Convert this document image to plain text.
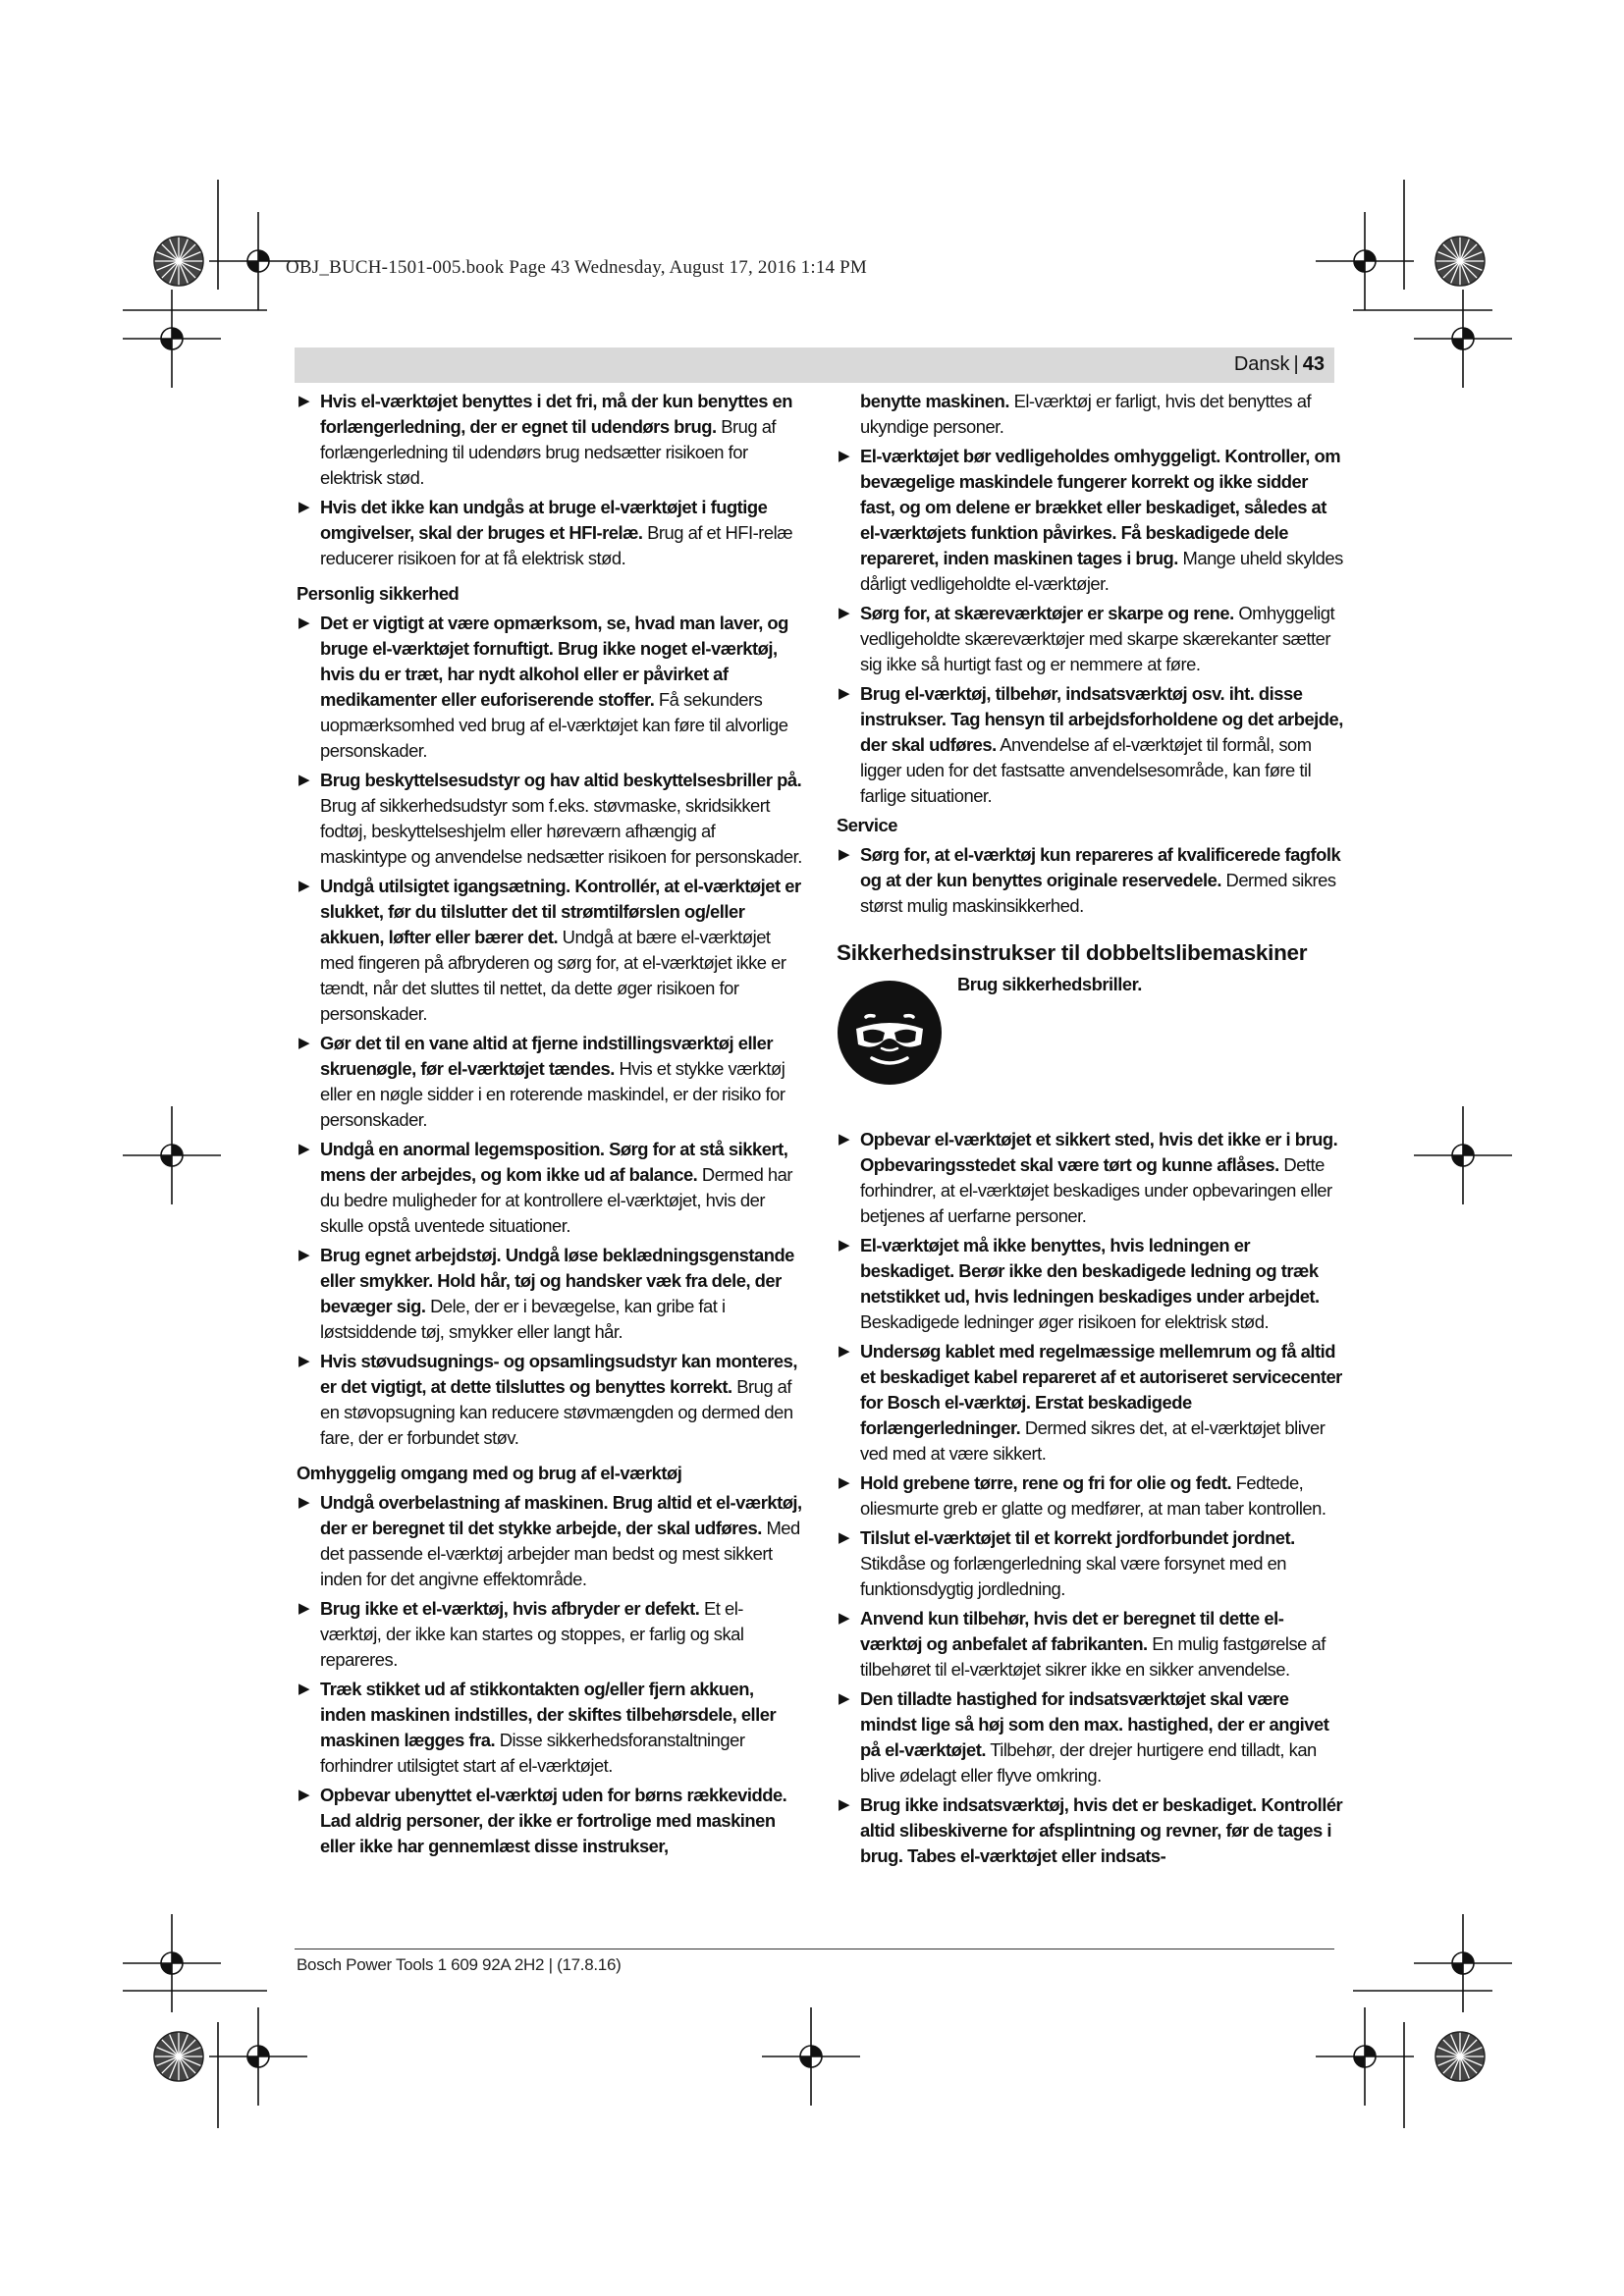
OBJ_BUCH-1501-005.book Page 43 Wednesday, August 17, 2016 1:14 PM
Dansk | 43
▶ Hvis el-værktøjet benyttes i det fri, må der kun benyttes en forlængerledning, der er egnet til udendørs brug. Brug af forlængerledning til udendørs brug nedsætter risikoen for elektrisk stød.
▶ Hvis det ikke kan undgås at bruge el-værktøjet i fugtige omgivelser, skal der bruges et HFI-relæ. Brug af et HFI-relæ reducerer risikoen for at få elektrisk stød.
Personlig sikkerhed
▶ Det er vigtigt at være opmærksom, se, hvad man laver, og bruge el-værktøjet fornuftigt. Brug ikke noget el-værktøj, hvis du er træt, har nydt alkohol eller er påvirket af medikamenter eller euforiserende stoffer. Få sekunders uopmærksomhed ved brug af el-værktøjet kan føre til alvorlige personskader.
▶ Brug beskyttelsesudstyr og hav altid beskyttelsesbriller på. Brug af sikkerhedsudstyr som f.eks. støvmaske, skridsikkert fodtøj, beskyttelseshjelm eller høreværn afhængig af maskintype og anvendelse nedsætter risikoen for personskader.
▶ Undgå utilsigtet igangsætning. Kontrollér, at el-værktøjet er slukket, før du tilslutter det til strømtilførslen og/eller akkuen, løfter eller bærer det. Undgå at bære el-værktøjet med fingeren på afbryderen og sørg for, at el-værktøjet ikke er tændt, når det sluttes til nettet, da dette øger risikoen for personskader.
▶ Gør det til en vane altid at fjerne indstillingsværktøj eller skruenøgle, før el-værktøjet tændes. Hvis et stykke værktøj eller en nøgle sidder i en roterende maskindel, er der risiko for personskader.
▶ Undgå en anormal legemsposition. Sørg for at stå sikkert, mens der arbejdes, og kom ikke ud af balance. Dermed har du bedre muligheder for at kontrollere el-værktøjet, hvis der skulle opstå uventede situationer.
▶ Brug egnet arbejdstøj. Undgå løse beklædningsgenstande eller smykker. Hold hår, tøj og handsker væk fra dele, der bevæger sig. Dele, der er i bevægelse, kan gribe fat i løstsiddende tøj, smykker eller langt hår.
▶ Hvis støvudsugnings- og opsamlingsudstyr kan monteres, er det vigtigt, at dette tilsluttes og benyttes korrekt. Brug af en støvopsugning kan reducere støvmængden og dermed den fare, der er forbundet støv.
Omhyggelig omgang med og brug af el-værktøj
▶ Undgå overbelastning af maskinen. Brug altid et el-værktøj, der er beregnet til det stykke arbejde, der skal udføres. Med det passende el-værktøj arbejder man bedst og mest sikkert inden for det angivne effektområde.
▶ Brug ikke et el-værktøj, hvis afbryder er defekt. Et el-værktøj, der ikke kan startes og stoppes, er farlig og skal repareres.
▶ Træk stikket ud af stikkontakten og/eller fjern akkuen, inden maskinen indstilles, der skiftes tilbehørsdele, eller maskinen lægges fra. Disse sikkerhedsforanstaltninger forhindrer utilsigtet start af el-værktøjet.
▶ Opbevar ubenyttet el-værktøj uden for børns rækkevidde. Lad aldrig personer, der ikke er fortrolige med maskinen eller ikke har gennemlæst disse instrukser,
benytte maskinen. El-værktøj er farligt, hvis det benyttes af ukyndige personer.
▶ El-værktøjet bør vedligeholdes omhyggeligt. Kontroller, om bevægelige maskindele fungerer korrekt og ikke sidder fast, og om delene er brækket eller beskadiget, således at el-værktøjets funktion påvirkes. Få beskadigede dele repareret, inden maskinen tages i brug. Mange uheld skyldes dårligt vedligeholdte el-værktøjer.
▶ Sørg for, at skæreværktøjer er skarpe og rene. Omhyggeligt vedligeholdte skæreværktøjer med skarpe skærekanter sætter sig ikke så hurtigt fast og er nemmere at føre.
▶ Brug el-værktøj, tilbehør, indsatsværktøj osv. iht. disse instrukser. Tag hensyn til arbejdsforholdene og det arbejde, der skal udføres. Anvendelse af el-værktøjet til formål, som ligger uden for det fastsatte anvendelsesområde, kan føre til farlige situationer.
Service
▶ Sørg for, at el-værktøj kun repareres af kvalificerede fagfolk og at der kun benyttes originale reservedele. Dermed sikres størst mulig maskinsikkerhed.
Sikkerhedsinstrukser til dobbeltslibemaskiner
Brug sikkerhedsbriller.
▶ Opbevar el-værktøjet et sikkert sted, hvis det ikke er i brug. Opbevaringsstedet skal være tørt og kunne aflåses. Dette forhindrer, at el-værktøjet beskadiges under opbevaringen eller betjenes af uerfarne personer.
▶ El-værktøjet må ikke benyttes, hvis ledningen er beskadiget. Berør ikke den beskadigede ledning og træk netstikket ud, hvis ledningen beskadiges under arbejdet. Beskadigede ledninger øger risikoen for elektrisk stød.
▶ Undersøg kablet med regelmæssige mellemrum og få altid et beskadiget kabel repareret af et autoriseret servicecenter for Bosch el-værktøj. Erstat beskadigede forlængerledninger. Dermed sikres det, at el-værktøjet bliver ved med at være sikkert.
▶ Hold grebene tørre, rene og fri for olie og fedt. Fedtede, oliesmurte greb er glatte og medfører, at man taber kontrollen.
▶ Tilslut el-værktøjet til et korrekt jordforbundet jordnet. Stikdåse og forlængerledning skal være forsynet med en funktionsdygtig jordledning.
▶ Anvend kun tilbehør, hvis det er beregnet til dette el-værktøj og anbefalet af fabrikanten. En mulig fastgørelse af tilbehøret til el-værktøjet sikrer ikke en sikker anvendelse.
▶ Den tilladte hastighed for indsatsværktøjet skal være mindst lige så høj som den max. hastighed, der er angivet på el-værktøjet. Tilbehør, der drejer hurtigere end tilladt, kan blive ødelagt eller flyve omkring.
▶ Brug ikke indsatsværktøj, hvis det er beskadiget. Kontrollér altid slibeskiverne for afsplintning og revner, før de tages i brug. Tabes el-værktøjet eller indsats-
Bosch Power Tools 1 609 92A 2H2 | (17.8.16)
